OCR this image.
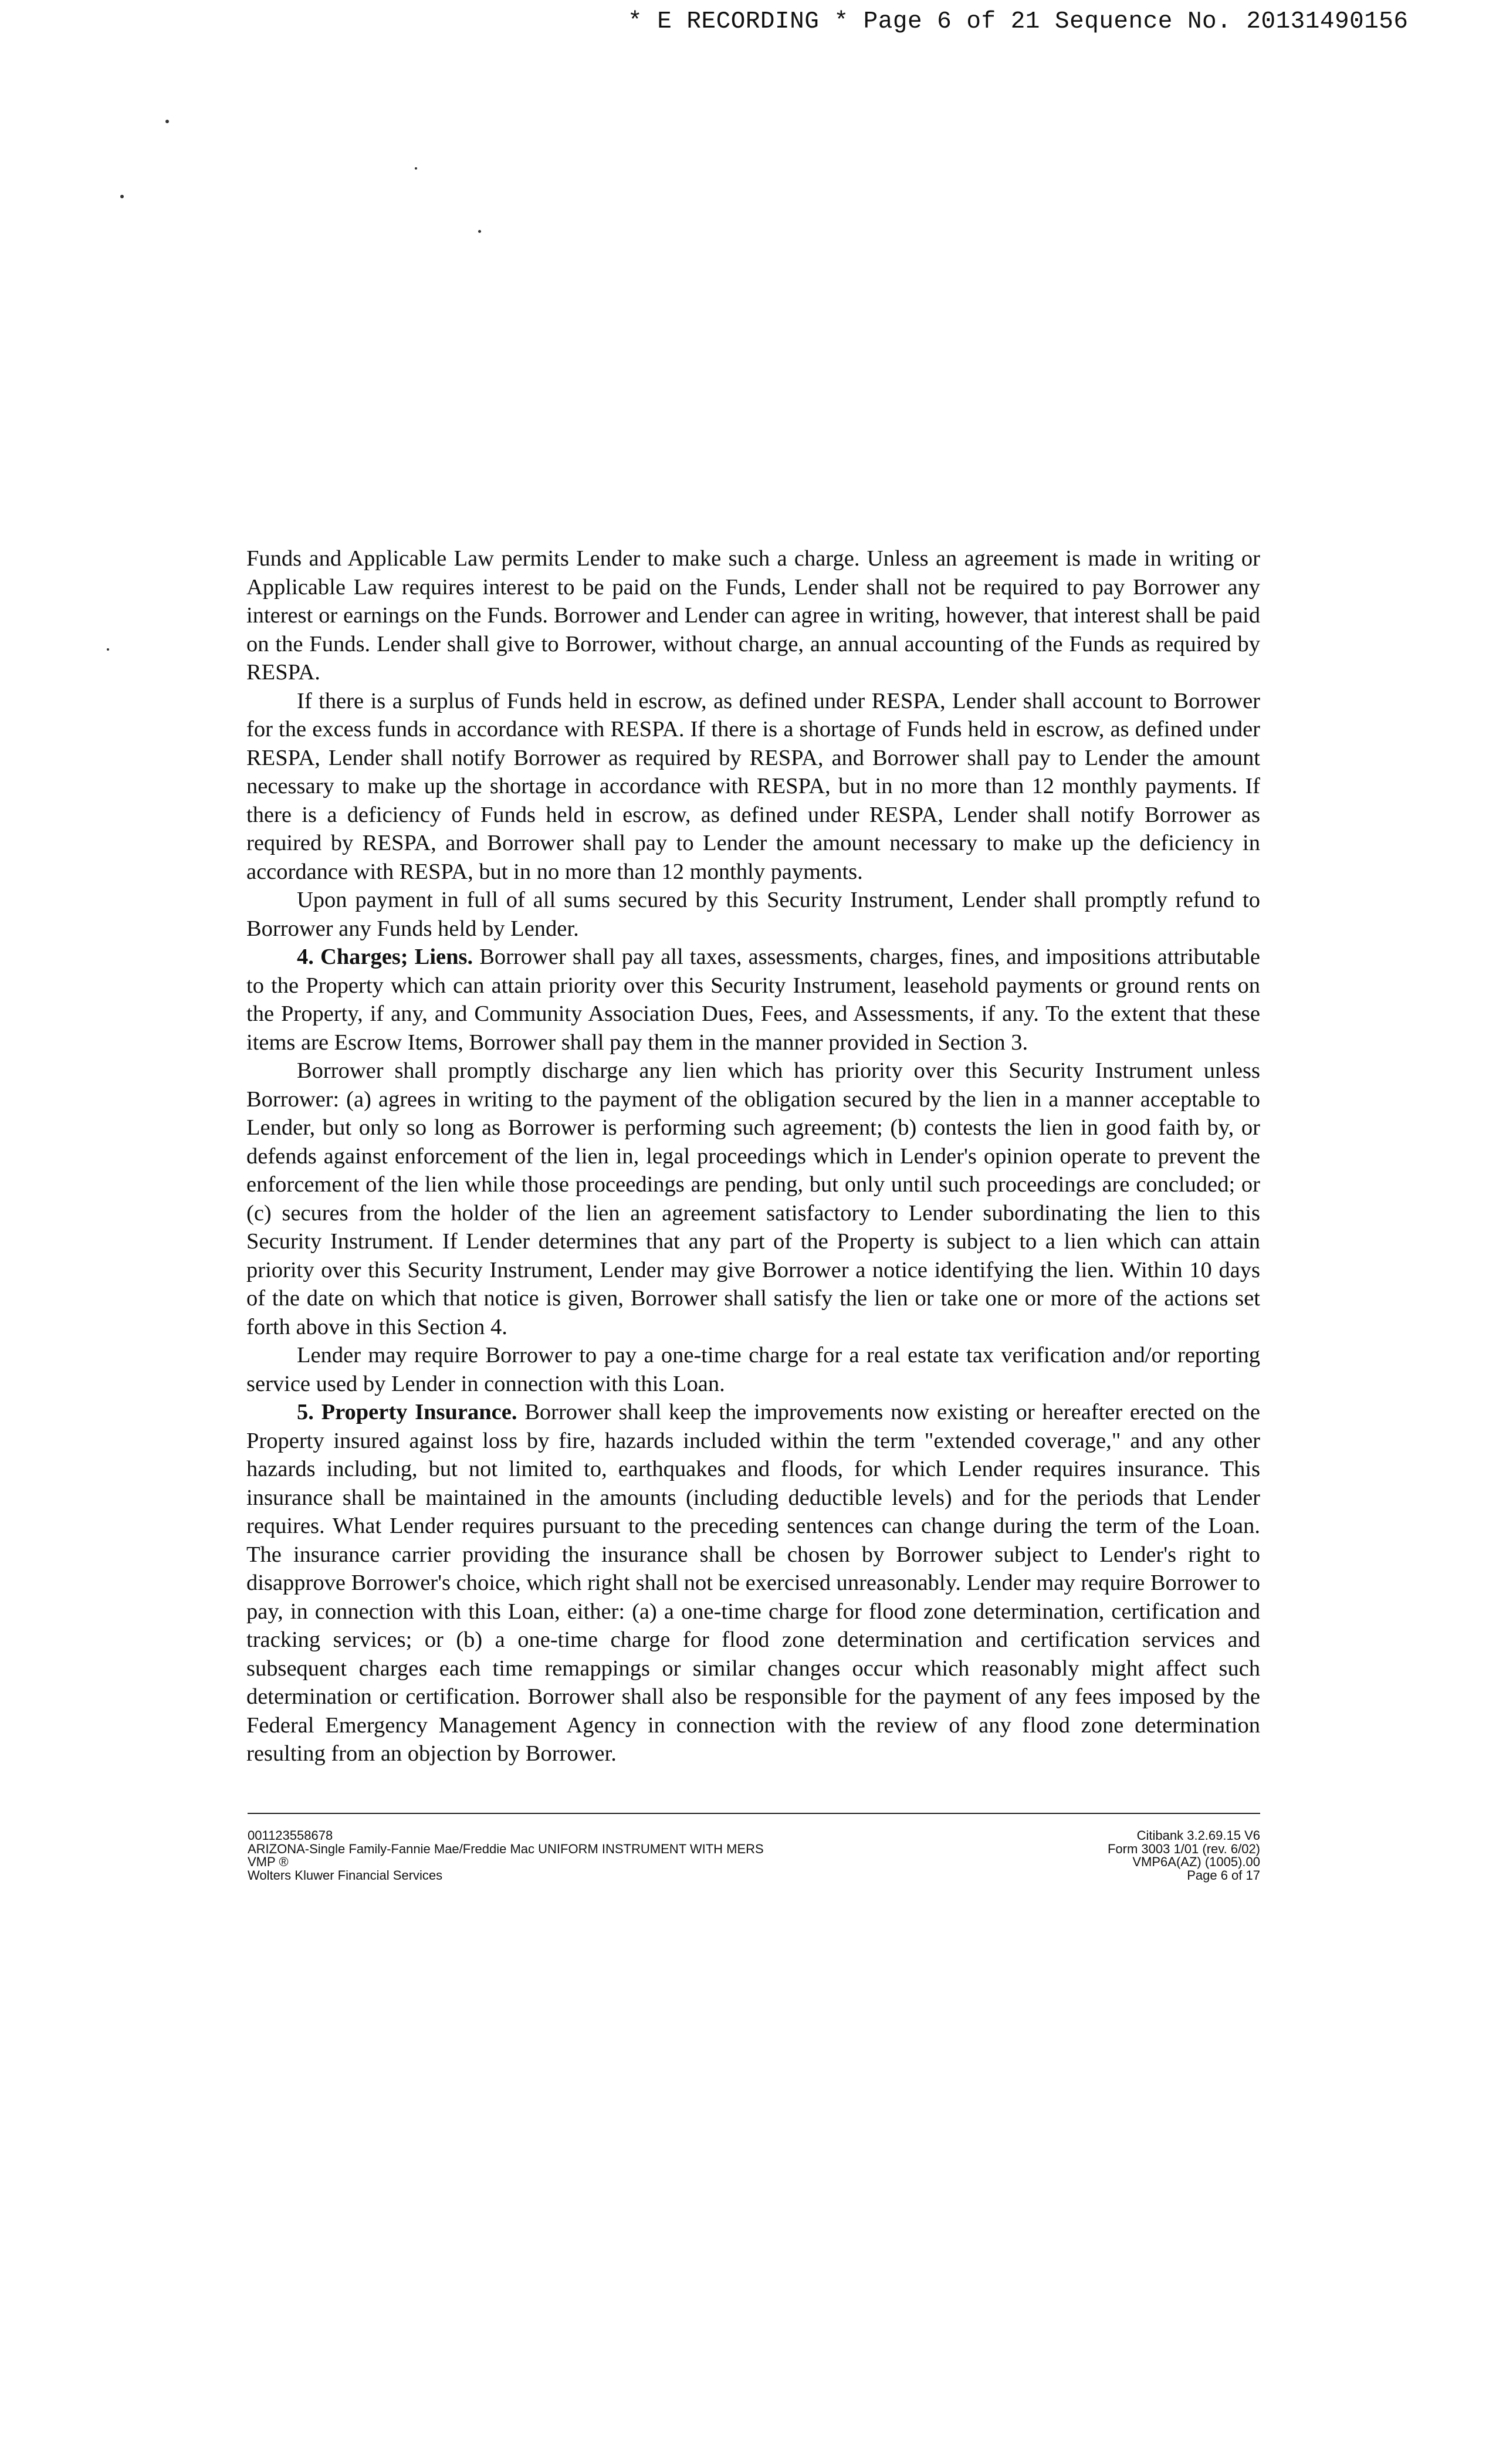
* E RECORDING * Page 6 of 21 Sequence No. 20131490156

Funds and Applicable Law permits Lender to make such a charge. Unless an agreement is made in writing or Applicable Law requires interest to be paid on the Funds, Lender shall not be required to pay Borrower any interest or earnings on the Funds. Borrower and Lender can agree in writing, however, that interest shall be paid on the Funds. Lender shall give to Borrower, without charge, an annual accounting of the Funds as required by RESPA.

If there is a surplus of Funds held in escrow, as defined under RESPA, Lender shall account to Borrower for the excess funds in accordance with RESPA. If there is a shortage of Funds held in escrow, as defined under RESPA, Lender shall notify Borrower as required by RESPA, and Borrower shall pay to Lender the amount necessary to make up the shortage in accordance with RESPA, but in no more than 12 monthly payments. If there is a deficiency of Funds held in escrow, as defined under RESPA, Lender shall notify Borrower as required by RESPA, and Borrower shall pay to Lender the amount necessary to make up the deficiency in accordance with RESPA, but in no more than 12 monthly payments.

Upon payment in full of all sums secured by this Security Instrument, Lender shall promptly refund to Borrower any Funds held by Lender.

4. Charges; Liens. Borrower shall pay all taxes, assessments, charges, fines, and impositions attributable to the Property which can attain priority over this Security Instrument, leasehold payments or ground rents on the Property, if any, and Community Association Dues, Fees, and Assessments, if any. To the extent that these items are Escrow Items, Borrower shall pay them in the manner provided in Section 3.

Borrower shall promptly discharge any lien which has priority over this Security Instrument unless Borrower: (a) agrees in writing to the payment of the obligation secured by the lien in a manner acceptable to Lender, but only so long as Borrower is performing such agreement; (b) contests the lien in good faith by, or defends against enforcement of the lien in, legal proceedings which in Lender's opinion operate to prevent the enforcement of the lien while those proceedings are pending, but only until such proceedings are concluded; or (c) secures from the holder of the lien an agreement satisfactory to Lender subordinating the lien to this Security Instrument. If Lender determines that any part of the Property is subject to a lien which can attain priority over this Security Instrument, Lender may give Borrower a notice identifying the lien. Within 10 days of the date on which that notice is given, Borrower shall satisfy the lien or take one or more of the actions set forth above in this Section 4.

Lender may require Borrower to pay a one-time charge for a real estate tax verification and/or reporting service used by Lender in connection with this Loan.

5. Property Insurance. Borrower shall keep the improvements now existing or hereafter erected on the Property insured against loss by fire, hazards included within the term "extended coverage," and any other hazards including, but not limited to, earthquakes and floods, for which Lender requires insurance. This insurance shall be maintained in the amounts (including deductible levels) and for the periods that Lender requires. What Lender requires pursuant to the preceding sentences can change during the term of the Loan. The insurance carrier providing the insurance shall be chosen by Borrower subject to Lender's right to disapprove Borrower's choice, which right shall not be exercised unreasonably. Lender may require Borrower to pay, in connection with this Loan, either: (a) a one-time charge for flood zone determination, certification and tracking services; or (b) a one-time charge for flood zone determination and certification services and subsequent charges each time remappings or similar changes occur which reasonably might affect such determination or certification. Borrower shall also be responsible for the payment of any fees imposed by the Federal Emergency Management Agency in connection with the review of any flood zone determination resulting from an objection by Borrower.

001123558678
ARIZONA-Single Family-Fannie Mae/Freddie Mac UNIFORM INSTRUMENT WITH MERS
VMP ®
Wolters Kluwer Financial Services
Citibank 3.2.69.15 V6
Form 3003 1/01 (rev. 6/02)
VMP6A(AZ) (1005).00
Page 6 of 17
